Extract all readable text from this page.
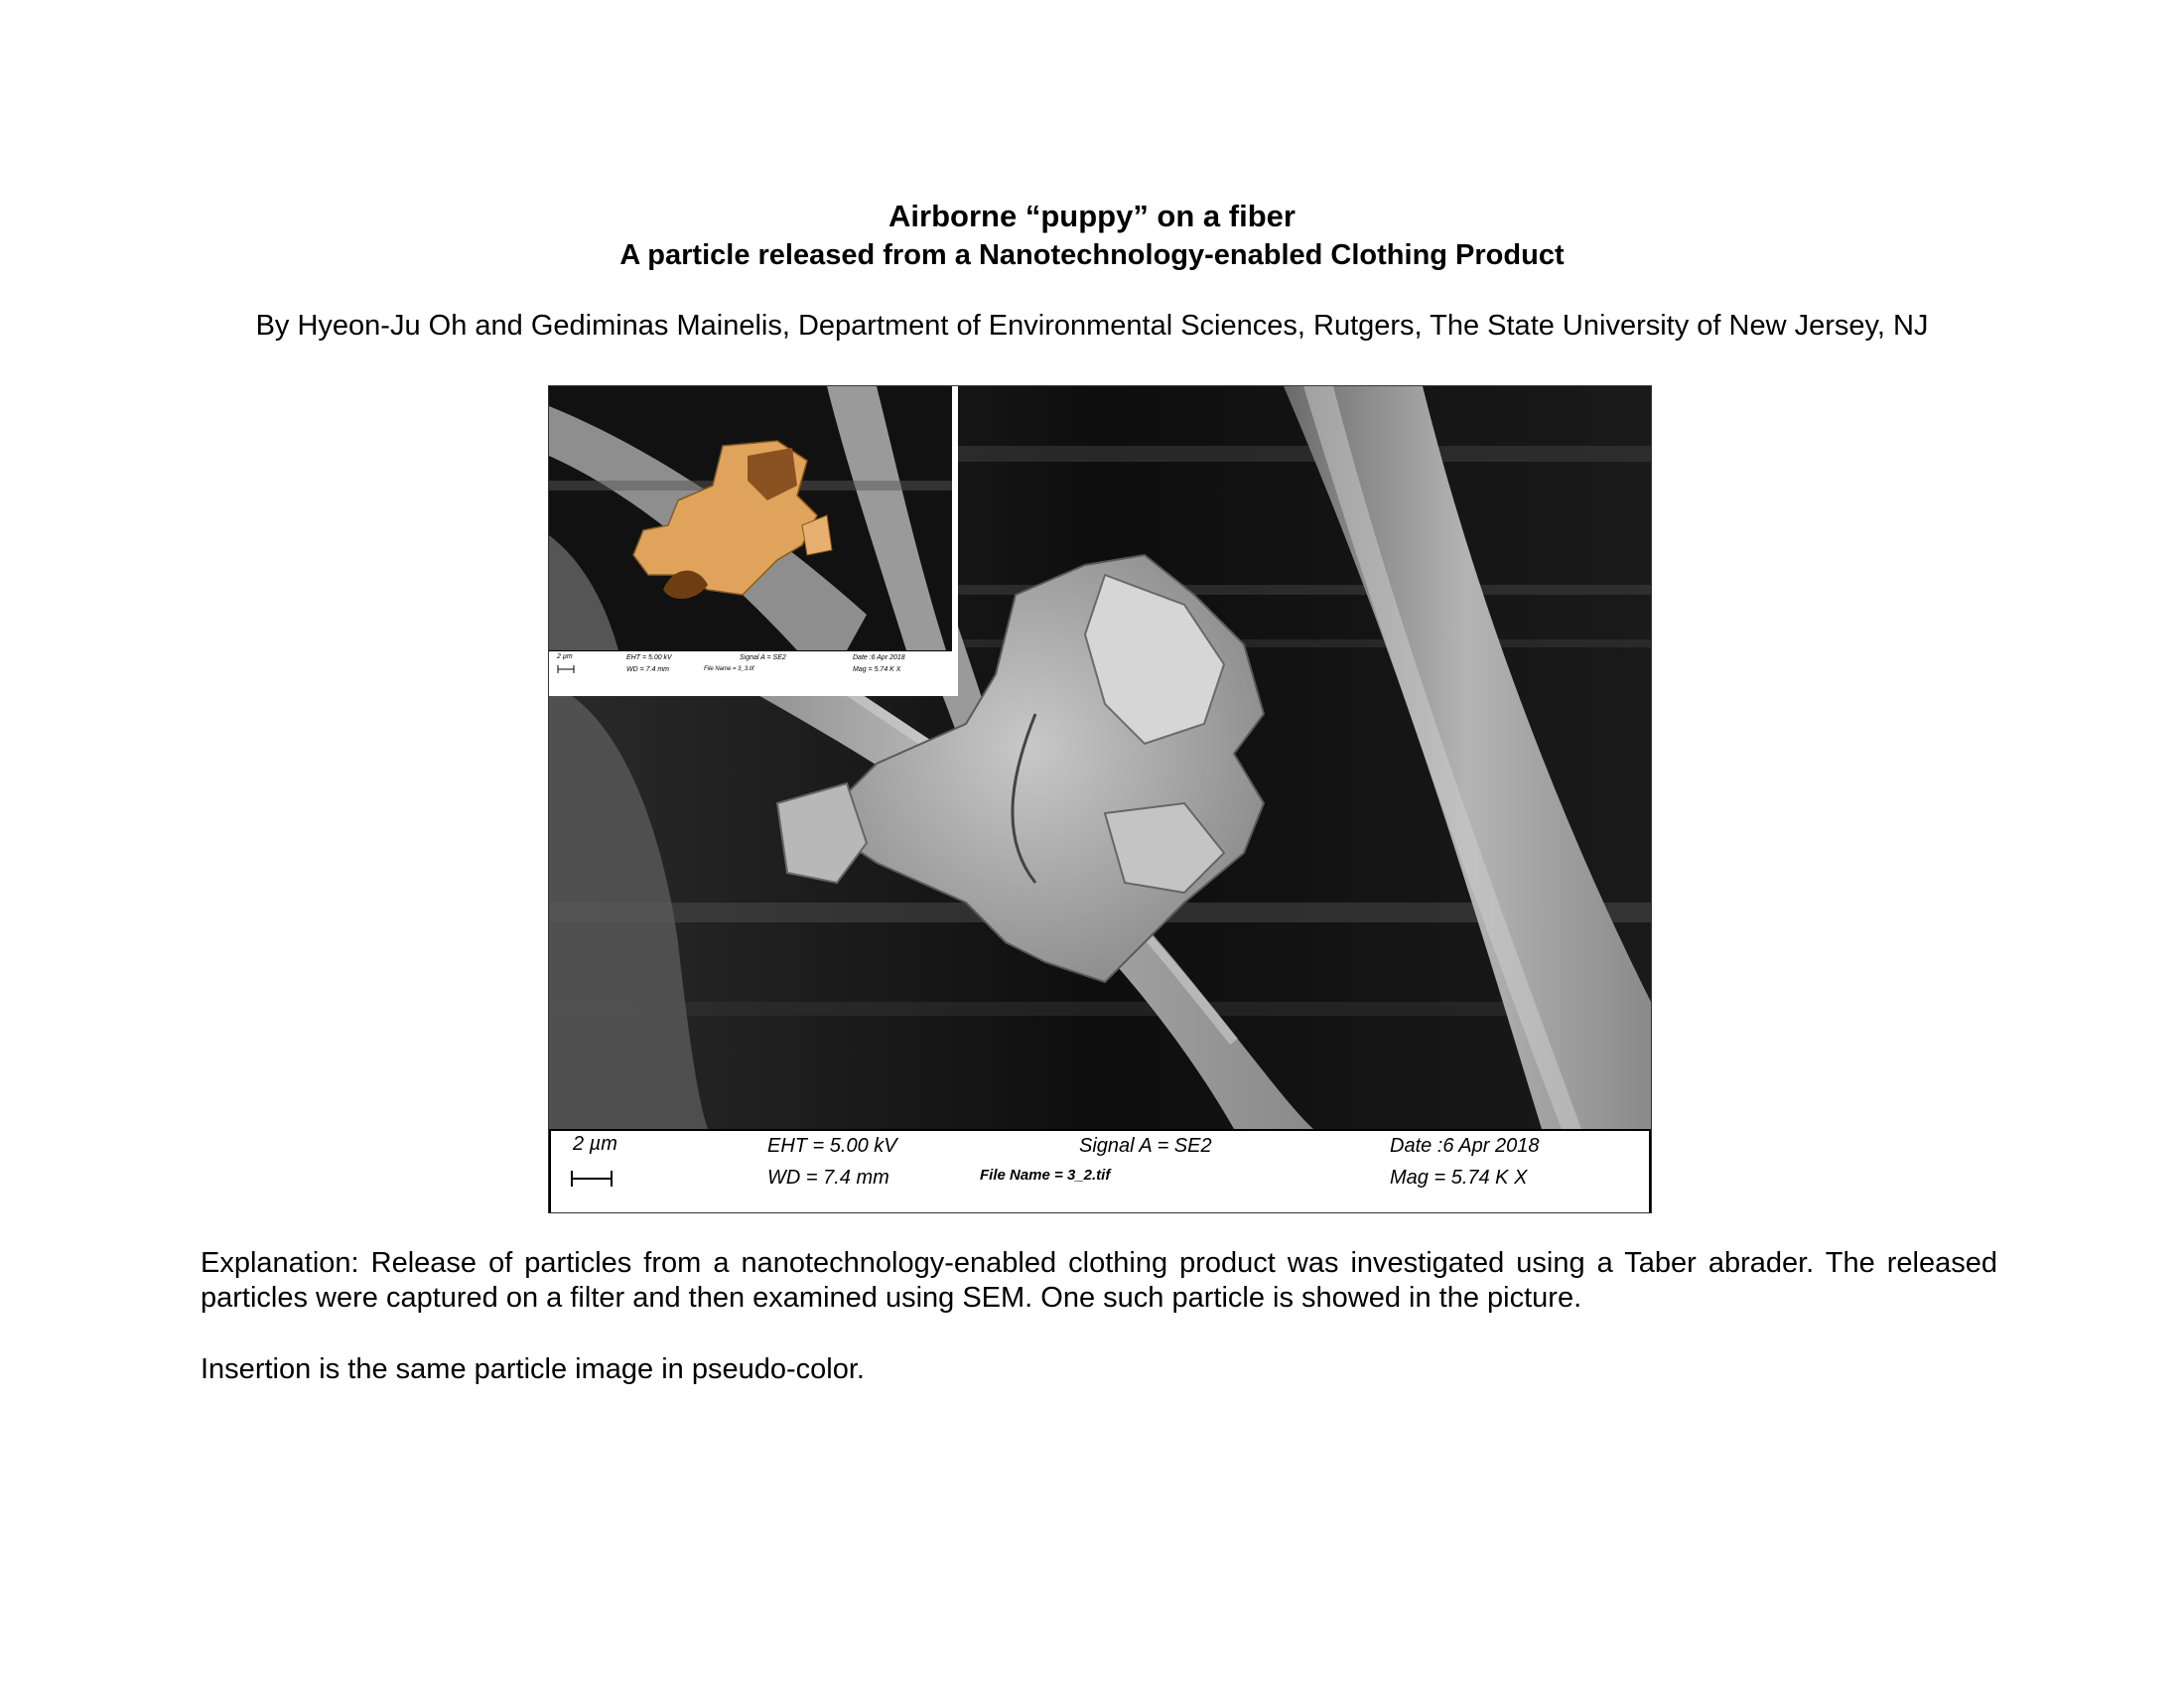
Airborne “puppy” on a fiber
A particle released from a Nanotechnology-enabled Clothing Product
By Hyeon-Ju Oh and Gediminas Mainelis, Department of Environmental Sciences, Rutgers, The State University of New Jersey, NJ
2 µm	EHT = 5.00 kV
WD = 7.4 mm
Signal A = SE2
File Name = 3_2.tif
Date :6 Apr 2018
Mag = 5.74 K X
2 µm	EHT = 5.00 kV
WD = 7.4 mm
Signal A = SE2
File Name = 3_3.tif
Date :6 Apr 2018
Mag = 5.74 K X
Explanation: Release of particles from a nanotechnology-enabled clothing product was investigated using a Taber abrader. The released particles were captured on a filter and then examined using SEM. One such particle is showed in the picture.
Insertion is the same particle image in pseudo-color.
